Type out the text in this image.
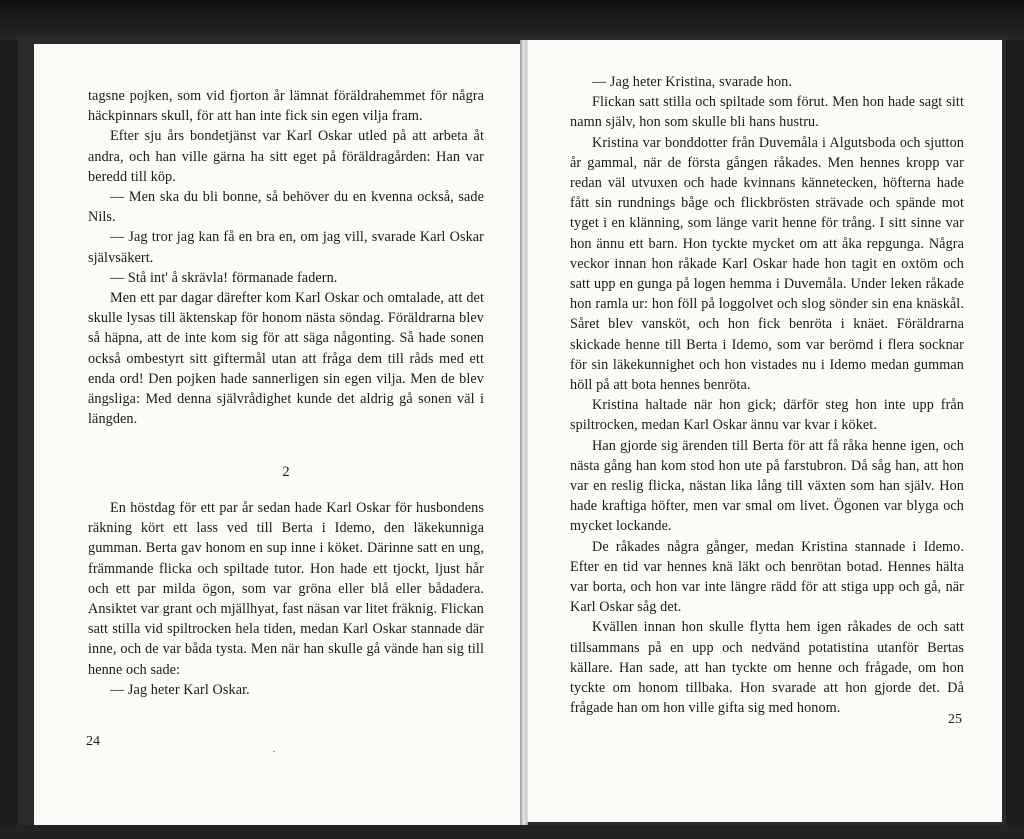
tagsne pojken, som vid fjorton år lämnat föräldrahemmet för några häckpinnars skull, för att han inte fick sin egen vilja fram.

Efter sju års bondetjänst var Karl Oskar utled på att arbeta åt andra, och han ville gärna ha sitt eget på föräldragården: Han var beredd till köp.

— Men ska du bli bonne, så behöver du en kvenna också, sade Nils.

— Jag tror jag kan få en bra en, om jag vill, svarade Karl Oskar självsäkert.

— Stå int' å skrävla! förmanade fadern.

Men ett par dagar därefter kom Karl Oskar och omtalade, att det skulle lysas till äktenskap för honom nästa söndag. Föräldrarna blev så häpna, att de inte kom sig för att säga någonting. Så hade sonen också ombestyrt sitt giftermål utan att fråga dem till råds med ett enda ord! Den pojken hade sannerligen sin egen vilja. Men de blev ängsliga: Med denna självrådighet kunde det aldrig gå sonen väl i längden.

2

En höstdag för ett par år sedan hade Karl Oskar för husbondens räkning kört ett lass ved till Berta i Idemo, den läkekunniga gumman. Berta gav honom en sup inne i köket. Därinne satt en ung, främmande flicka och spiltade tutor. Hon hade ett tjockt, ljust hår och ett par milda ögon, som var gröna eller blå eller bådadera. Ansiktet var grant och mjällhyat, fast näsan var litet fräknig. Flickan satt stilla vid spiltrocken hela tiden, medan Karl Oskar stannade där inne, och de var båda tysta. Men när han skulle gå vände han sig till henne och sade:

— Jag heter Karl Oskar.

·
24

— Jag heter Kristina, svarade hon.

Flickan satt stilla och spiltade som förut. Men hon hade sagt sitt namn själv, hon som skulle bli hans hustru.

Kristina var bonddotter från Duvemåla i Algutsboda och sjutton år gammal, när de första gången råkades. Men hennes kropp var redan väl utvuxen och hade kvinnans kännetecken, höfterna hade fått sin rundnings båge och flickbrösten strävade och spände mot tyget i en klänning, som länge varit henne för trång. I sitt sinne var hon ännu ett barn. Hon tyckte mycket om att åka repgunga. Några veckor innan hon råkade Karl Oskar hade hon tagit en oxtöm och satt upp en gunga på logen hemma i Duvemåla. Under leken råkade hon ramla ur: hon föll på loggolvet och slog sönder sin ena knäskål. Såret blev vansköt, och hon fick benröta i knäet. Föräldrarna skickade henne till Berta i Idemo, som var berömd i flera socknar för sin läkekunnighet och hon vistades nu i Idemo medan gumman höll på att bota hennes benröta.

Kristina haltade när hon gick; därför steg hon inte upp från spiltrocken, medan Karl Oskar ännu var kvar i köket.

Han gjorde sig ärenden till Berta för att få råka henne igen, och nästa gång han kom stod hon ute på farstubron. Då såg han, att hon var en reslig flicka, nästan lika lång till växten som han själv. Hon hade kraftiga höfter, men var smal om livet. Ögonen var blyga och mycket lockande.

De råkades några gånger, medan Kristina stannade i Idemo. Efter en tid var hennes knä läkt och benrötan botad. Hennes hälta var borta, och hon var inte längre rädd för att stiga upp och gå, när Karl Oskar såg det.

Kvällen innan hon skulle flytta hem igen råkades de och satt tillsammans på en upp och nedvänd potatistina utanför Bertas källare. Han sade, att han tyckte om henne och frågade, om hon tyckte om honom tillbaka. Hon svarade att hon gjorde det. Då frågade han om hon ville gifta sig med honom.

25
